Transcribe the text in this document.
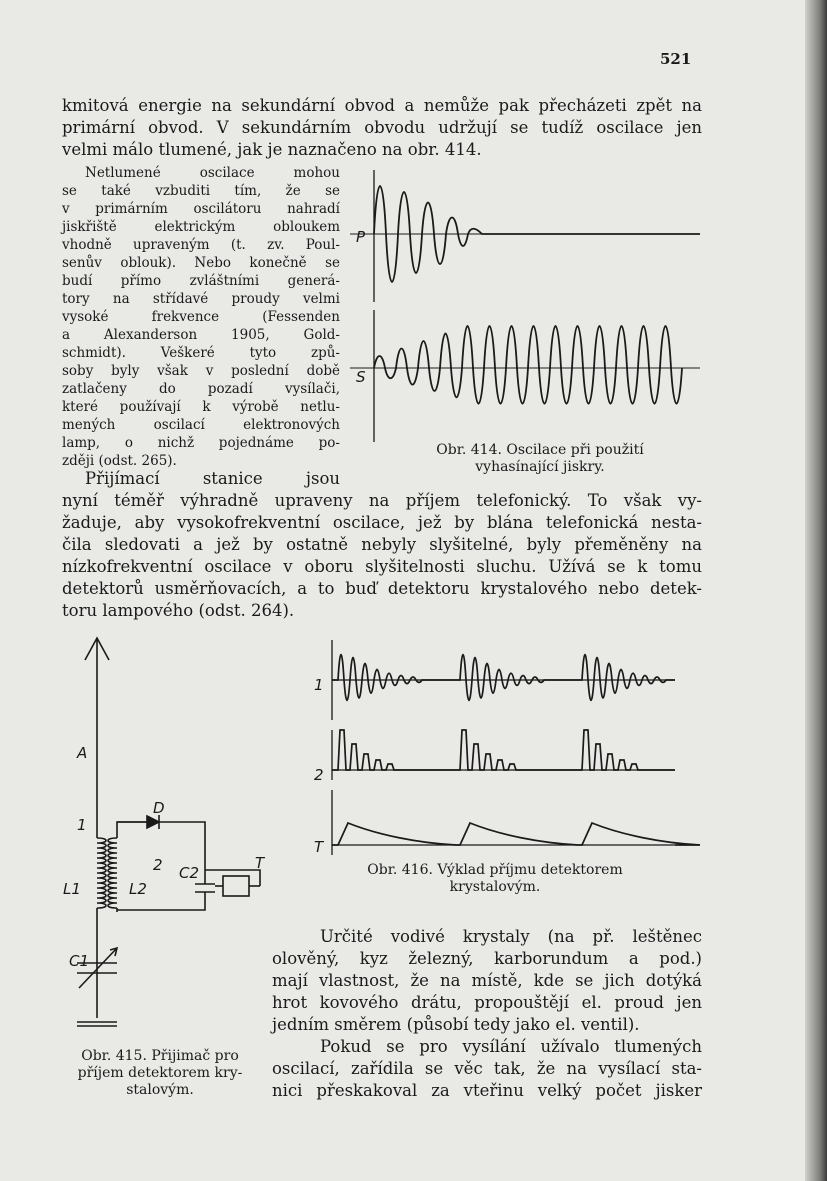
521

kmitová energie na sekundární obvod a nemůže pak přecházeti zpět na

primární obvod. V sekundárním obvodu udržují se tudíž oscilace jen

velmi málo tlumené, jak je naznačeno na obr. 414.

Netlumené oscilace mohou

se také vzbuditi tím, že se

v primárním oscilátoru nahradí

jiskřiště elektrickým obloukem

vhodně upraveným (t. zv. Poul-

senův oblouk). Nebo konečně se

budí přímo zvláštními generá-

tory na střídavé proudy velmi

vysoké frekvence (Fessenden

a Alexanderson 1905, Gold-

schmidt). Veškeré tyto způ-

soby byly však v poslední době

zatlačeny do pozadí vysílači,

které používají k výrobě netlu-

mených oscilací elektronových

lamp, o nichž pojednáme po-

zději (odst. 265).

P
S
Obr. 414. Oscilace při použití
vyhasínající jiskry.

Přijímací stanice jsou

nyní téměř výhradně upraveny na příjem telefonický. To však vy-

žaduje, aby vysokofrekventní oscilace, jež by blána telefonická nesta-

čila sledovati a jež by ostatně nebyly slyšitelné, byly přeměněny na

nízkofrekventní oscilace v oboru slyšitelnosti sluchu. Užívá se k tomu

detektorů usměrňovacích, a to buď detektoru krystalového nebo detek-

toru lampového (odst. 264).

A
1
D
2 C2
T
L1	L2
C1
1
2
T
Obr. 416. Výklad příjmu detektorem
krystalovým.

Určité vodivé krystaly (na př. leštěnec

olověný, kyz železný, karborundum a pod.)

mají vlastnost, že na místě, kde se jich dotýká

hrot kovového drátu, propouštějí el. proud jen

jedním směrem (působí tedy jako el. ventil).

Pokud se pro vysílání užívalo tlumených

oscilací, zařídila se věc tak, že na vysílací sta-

nici přeskakoval za vteřinu velký počet jisker

Obr. 415. Přijimač pro
příjem detektorem kry-
stalovým.
